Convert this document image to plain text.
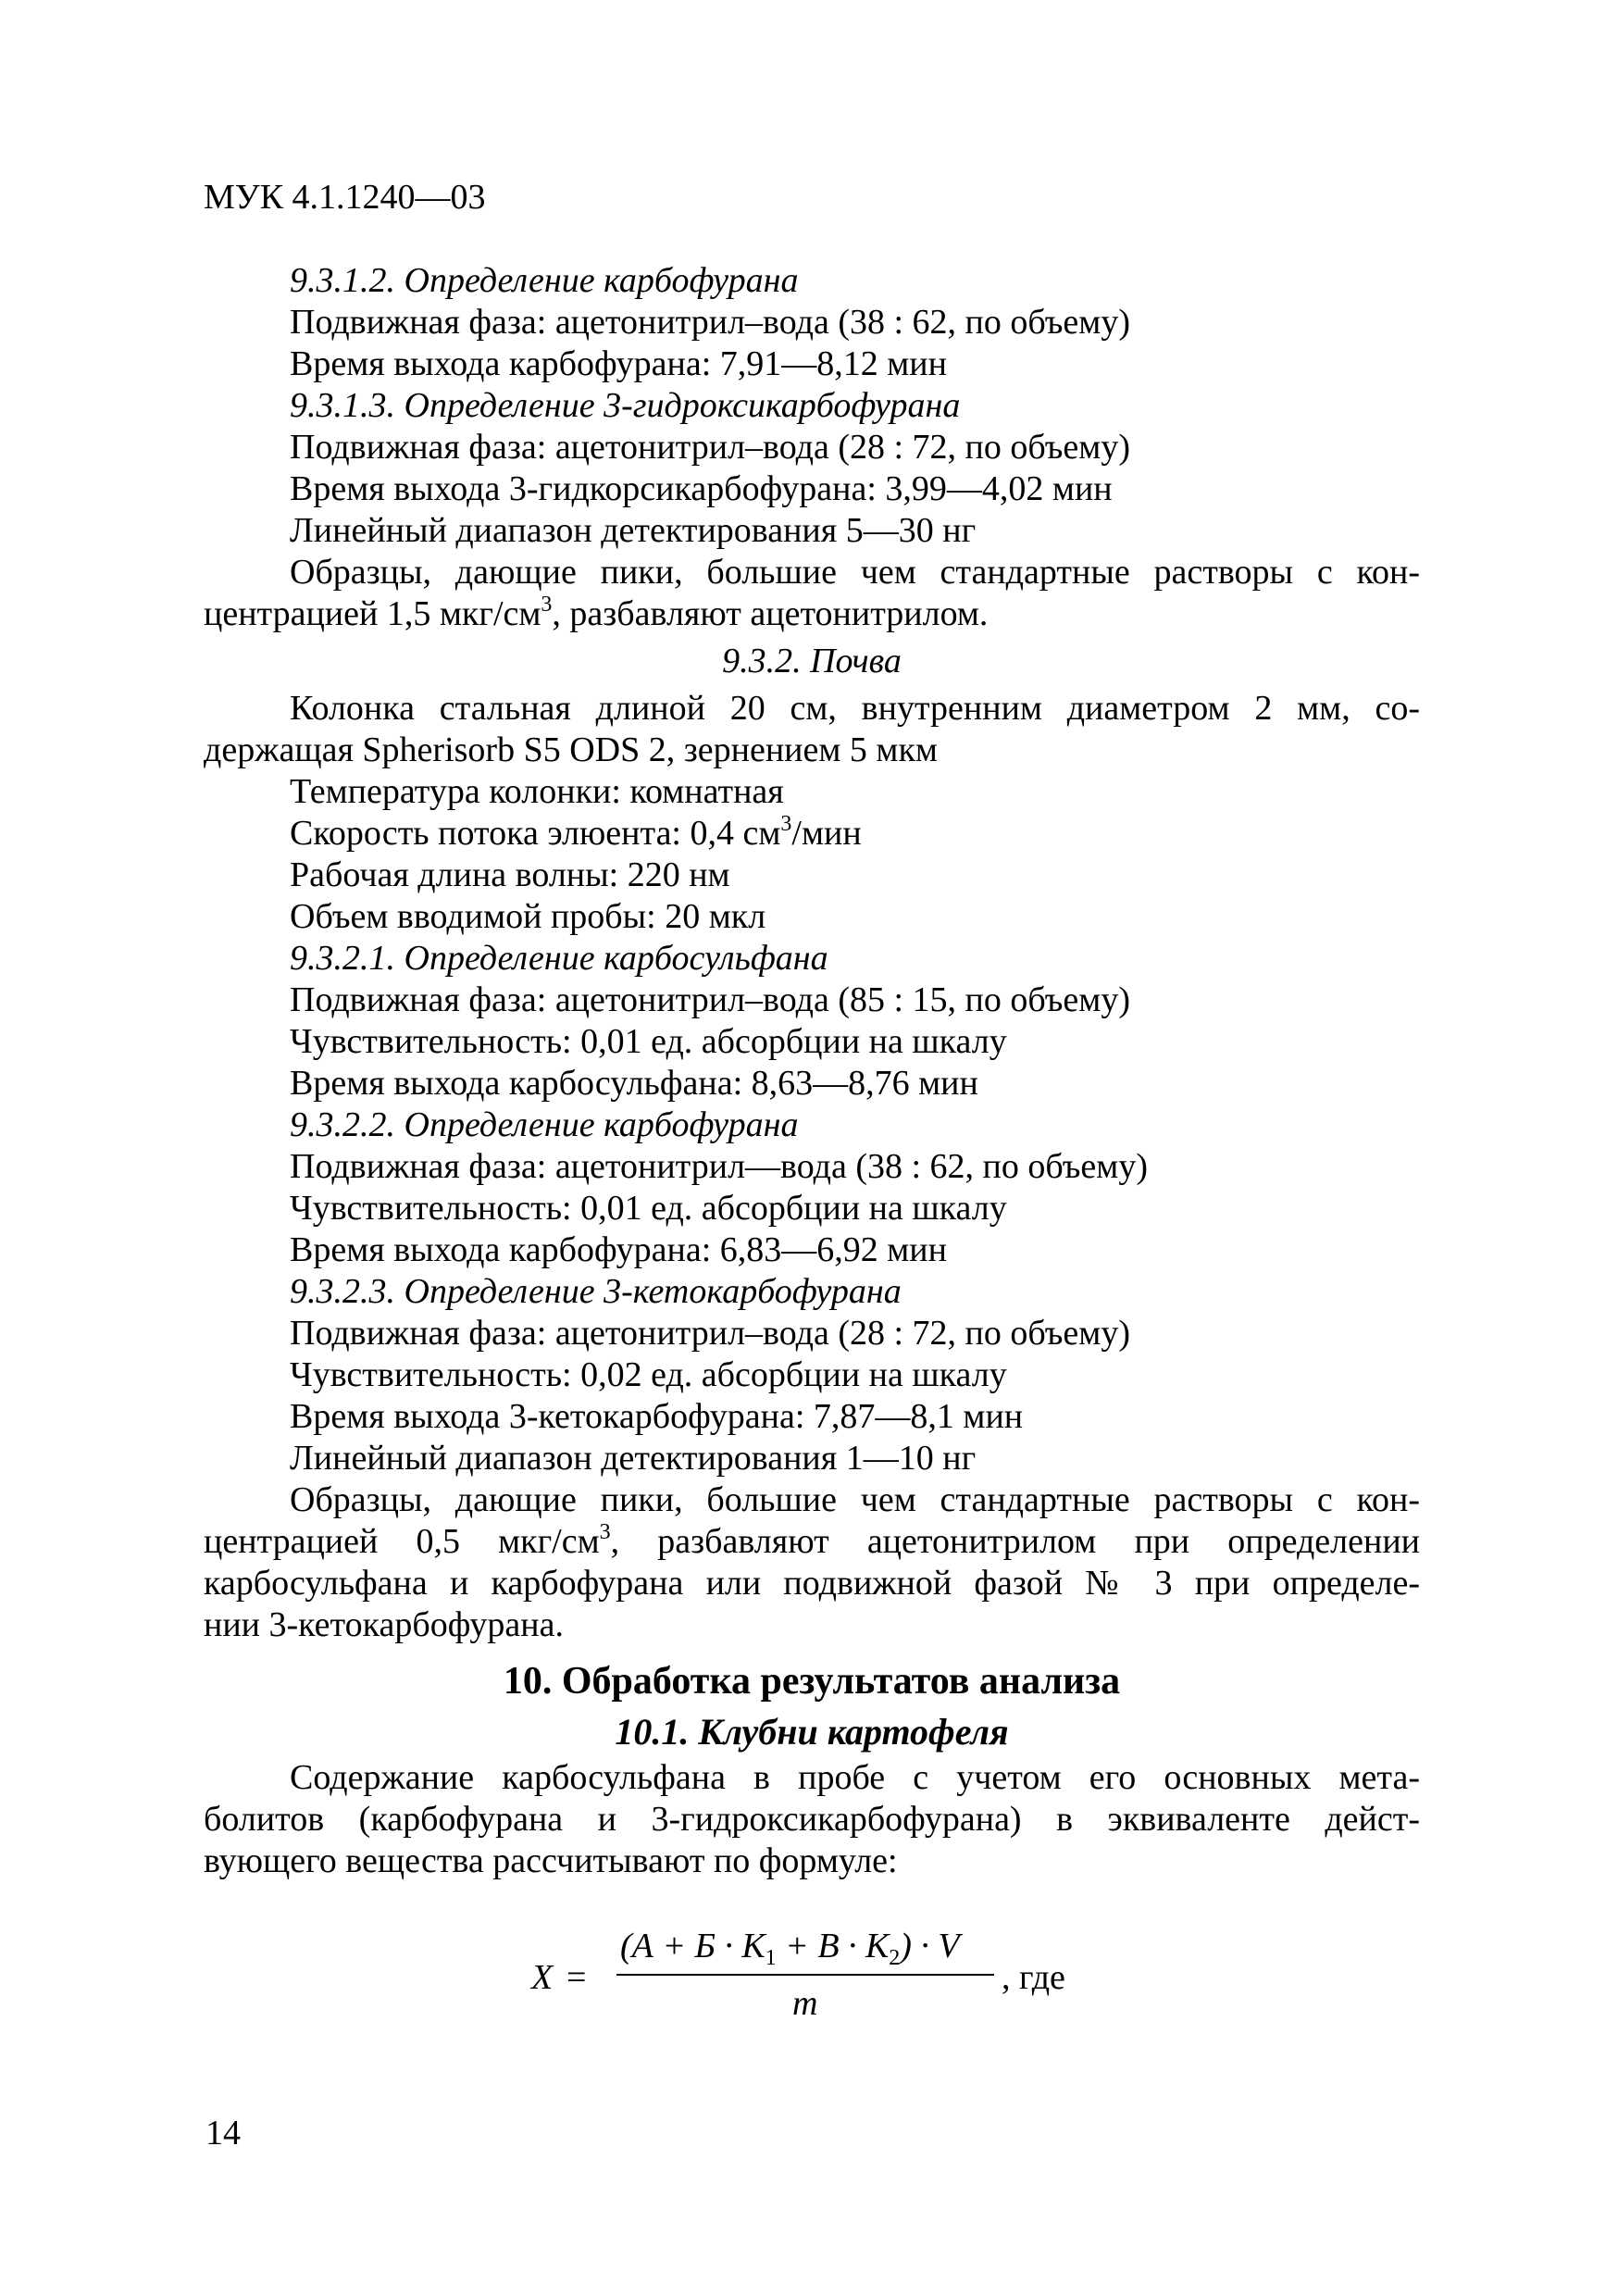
МУК 4.1.1240—03
9.3.1.2. Определение карбофурана
Подвижная фаза: ацетонитрил–вода (38 : 62, по объему)
Время выхода карбофурана: 7,91—8,12 мин
9.3.1.3. Определение 3-гидроксикарбофурана
Подвижная фаза: ацетонитрил–вода (28 : 72, по объему)
Время выхода 3-гидкорсикарбофурана: 3,99—4,02 мин
Линейный диапазон детектирования 5—30 нг
Образцы, дающие пики, большие чем стандартные растворы с кон-
центрацией 1,5 мкг/$см^3$, разбавляют ацетонитрилом.
9.3.2. Почва
Колонка стальная длиной 20 см, внутренним диаметром 2 мм, со-
держащая Spherisorb S5 ODS 2, зернением 5 мкм
Температура колонки: комнатная
Скорость потока элюента: 0,4 $см^3$/мин
Рабочая длина волны: 220 нм
Объем вводимой пробы: 20 мкл
9.3.2.1. Определение карбосульфана
Подвижная фаза: ацетонитрил–вода (85 : 15, по объему)
Чувствительность: 0,01 ед. абсорбции на шкалу
Время выхода карбосульфана: 8,63—8,76 мин
9.3.2.2. Определение карбофурана
Подвижная фаза: ацетонитрил—вода (38 : 62, по объему)
Чувствительность: 0,01 ед. абсорбции на шкалу
Время выхода карбофурана: 6,83—6,92 мин
9.3.2.3. Определение 3-кетокарбофурана
Подвижная фаза: ацетонитрил–вода (28 : 72, по объему)
Чувствительность: 0,02 ед. абсорбции на шкалу
Время выхода 3-кетокарбофурана: 7,87—8,1 мин
Линейный диапазон детектирования 1—10 нг
Образцы, дающие пики, большие чем стандартные растворы с кон-
центрацией 0,5 мкг/$см^3$, разбавляют ацетонитрилом при определении
карбосульфана и карбофурана или подвижной фазой № 3 при определе-
нии 3-кетокарбофурана.
10. Обработка результатов анализа
10.1. Клубни картофеля
Содержание карбосульфана в пробе с учетом его основных мета-
болитов (карбофурана и 3-гидроксикарбофурана) в эквиваленте дейст-
вующего вещества рассчитывают по формуле:
X =
$(А + Б \cdot К_1 + В \cdot К_2) \cdot V$
m
, где
14
